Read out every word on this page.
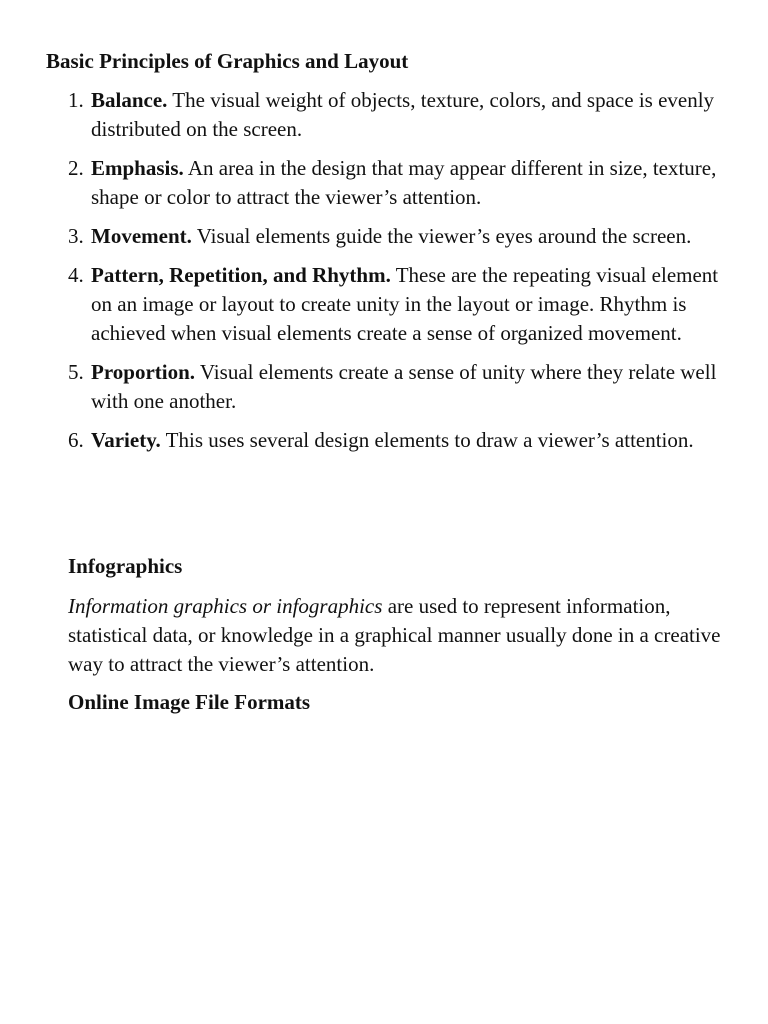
Basic Principles of Graphics and Layout
1. Balance. The visual weight of objects, texture, colors, and space is evenly distributed on the screen.
2. Emphasis. An area in the design that may appear different in size, texture, shape or color to attract the viewer’s attention.
3. Movement. Visual elements guide the viewer’s eyes around the screen.
4. Pattern, Repetition, and Rhythm. These are the repeating visual element on an image or layout to create unity in the layout or image. Rhythm is achieved when visual elements create a sense of organized movement.
5. Proportion. Visual elements create a sense of unity where they relate well with one another.
6. Variety. This uses several design elements to draw a viewer’s attention.
Infographics

Information graphics or infographics are used to represent information, statistical data, or knowledge in a graphical manner usually done in a creative way to attract the viewer’s attention.

Online Image File Formats
